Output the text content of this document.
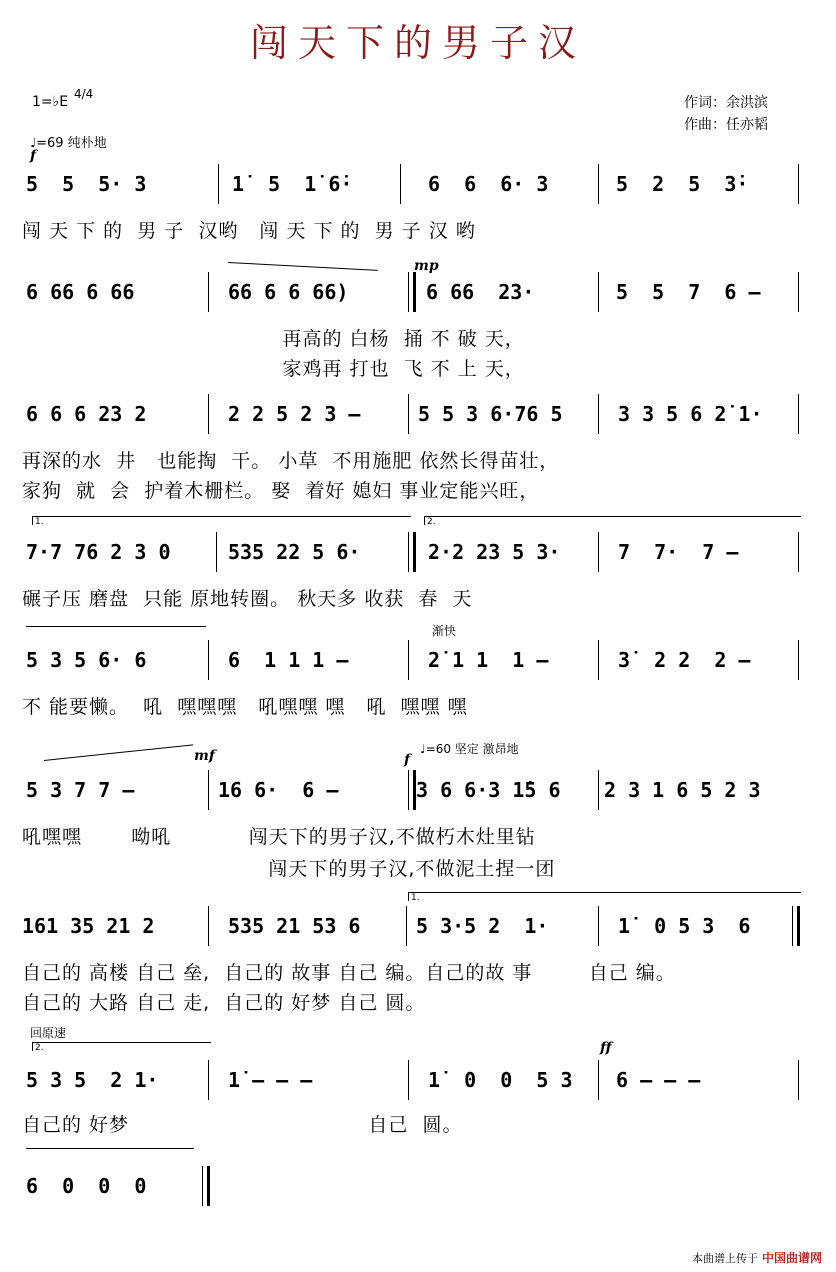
闯天下的男子汉
1=♭E 4/4
♩=69 纯朴地
作词：余洪滨
作曲：任亦韬
f
5  5  5· 3	1̇  5  1̇ 6̇·	6  6  6· 3	5  2  5  3̇·
闯 天 下 的  男 子  汉哟   闯 天 下 的  男 子 汉 哟
mp
6 66 6 66	66 6 6 66)	6 66  23·	5  5  7  6 –
再高的 白杨  捅 不 破 天，
家鸡再 打也  飞 不 上 天，
6 6 6 23 2	2 2 5 2 3 –	5 5 3 6·76 5	3 3 5 6 2̇ 1·
再深的水  井   也能掏  干。 小草  不用施肥 依然长得苗壮，
家狗  就  会  护着木栅栏。 娶  着好 媳妇 事业定能兴旺，
1.	2.
7·7 76 2 3 0	535 22 5 6·	2·2 23 5 3·	7  7·  7 –
碾子压 磨盘  只能 原地转圈。 秋天多 收获  春  天
渐快
5 3 5 6· 6	6  1 1 1 –	2̇ 1 1  1 –	3̇  2 2  2 –
不 能要懒。  吼  嘿嘿嘿   吼嘿嘿 嘿   吼  嘿嘿 嘿
mf	f
♩=60 坚定 激昂地
5 3 7 7 –	16 6·  6 –	3 6 6·3 1̇5 6 2 3 1 6 5 2 3
吼嘿嘿       呦吼           闯天下的男子汉,不做朽木灶里钻
闯天下的男子汉,不做泥土捏一团
1.
161 35 21 2	535 21 53 6	5 3·5 2  1·	1̇  0 5 3  6
自己的 高楼 自己 垒,  自己的 故事 自己 编。自己的故 事        自己 编。
自己的 大路 自己 走,  自己的 好梦 自己 圆。
回原速
2.	ff
5 3 5  2 1·	1̇ – – –	1̇  0  0  5 3 6 – – –
自己的 好梦                                  自己  圆。
6  0  0  0
本曲谱上传于 中国曲谱网
